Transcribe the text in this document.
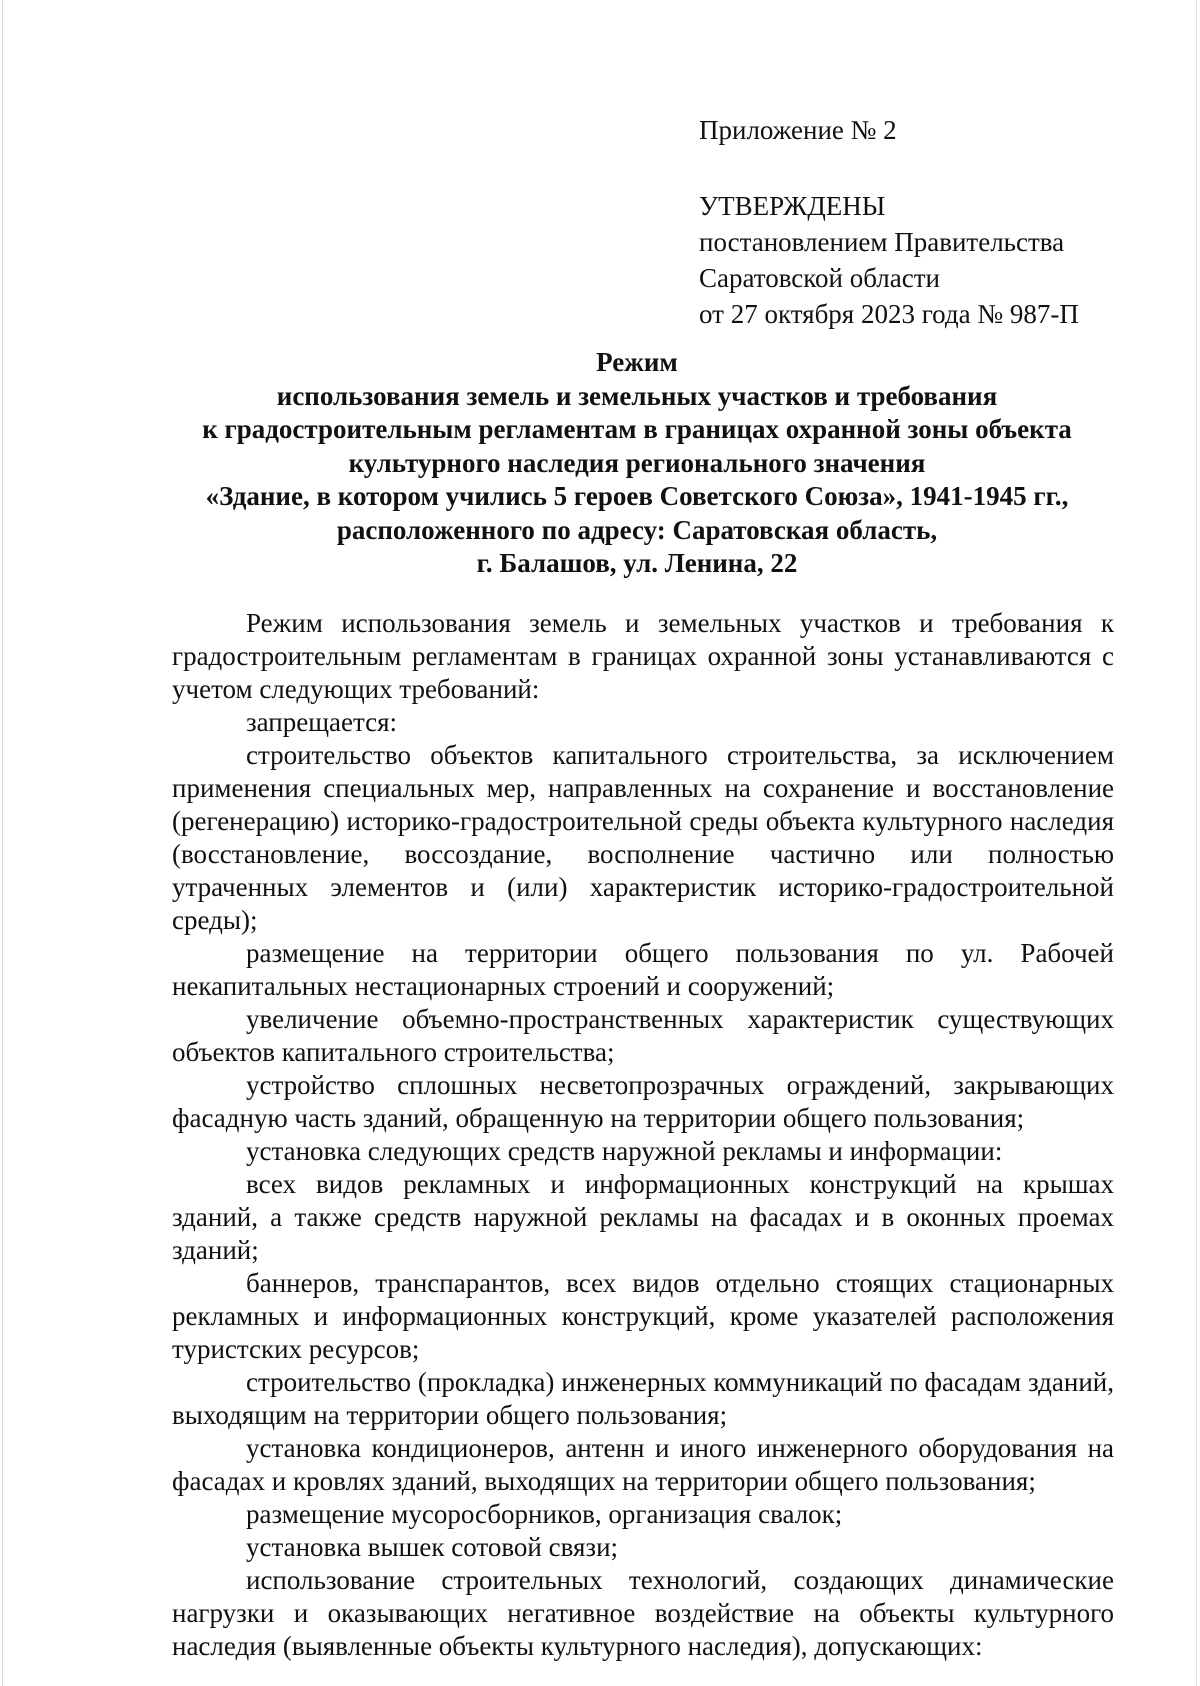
Приложение № 2
УТВЕРЖДЕНЫ
постановлением Правительства
Саратовской области
от 27 октября 2023 года № 987-П
Режим
использования земель и земельных участков и требования
к градостроительным регламентам в границах охранной зоны объекта
культурного наследия регионального значения
«Здание, в котором учились 5 героев Советского Союза», 1941-1945 гг.,
расположенного по адресу: Саратовская область,
г. Балашов, ул. Ленина, 22

Режим использования земель и земельных участков и требования к градостроительным регламентам в границах охранной зоны устанавливаются с учетом следующих требований:

запрещается:

строительство объектов капитального строительства, за исключением применения специальных мер, направленных на сохранение и восстановление (регенерацию) историко-градостроительной среды объекта культурного наследия (восстановление, воссоздание, восполнение частично или полностью утраченных элементов и (или) характеристик историко-градостроительной среды);

размещение на территории общего пользования по ул. Рабочей некапитальных нестационарных строений и сооружений;

увеличение объемно-пространственных характеристик существующих объектов капитального строительства;

устройство сплошных несветопрозрачных ограждений, закрывающих фасадную часть зданий, обращенную на территории общего пользования;

установка следующих средств наружной рекламы и информации:

всех видов рекламных и информационных конструкций на крышах зданий, а также средств наружной рекламы на фасадах и в оконных проемах зданий;

баннеров, транспарантов, всех видов отдельно стоящих стационарных рекламных и информационных конструкций, кроме указателей расположения туристских ресурсов;

строительство (прокладка) инженерных коммуникаций по фасадам зданий, выходящим на территории общего пользования;

установка кондиционеров, антенн и иного инженерного оборудования на фасадах и кровлях зданий, выходящих на территории общего пользования;

размещение мусоросборников, организация свалок;

установка вышек сотовой связи;

использование строительных технологий, создающих динамические нагрузки и оказывающих негативное воздействие на объекты культурного наследия (выявленные объекты культурного наследия), допускающих:
